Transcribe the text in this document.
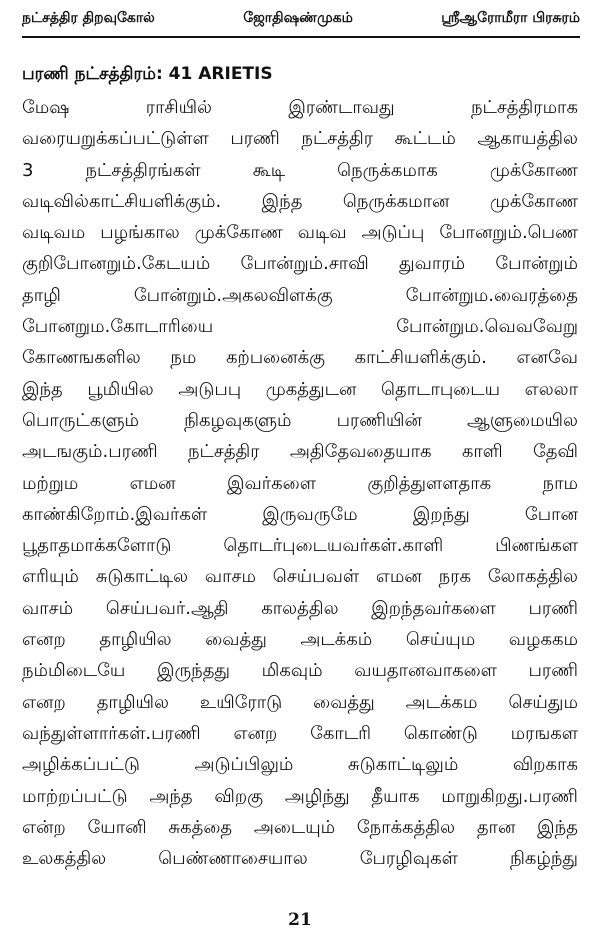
நட்சத்திர திறவுகோல்	ஜோதிஷண்முகம்	ஸ்ரீஆரோமீரா பிரசுரம்
பரணி நட்சத்திரம்: 41 ARIETIS
மேஷ	ராசியில்	இரண்டாவது	நட்சத்திரமாக
வரையறுக்கப்பட்டுள்ள பரணி நட்சத்திர கூட்டம் ஆகாயத்தில
3	நட்சத்திரங்கள்	கூடி	நெருக்கமாக	முக்கோண
வடிவில்காட்சியளிக்கும். இந்த நெருக்கமான முக்கோண
வடிவம பழங்கால முக்கோண வடிவ அடுப்பு போனறும்.பெண
குறிபோனறும்.கேடயம் போன்றும்.சாவி துவாரம் போன்றும்
தாழி	போன்றும்.அகலவிளக்கு	போன்றும.வைரத்தை
போனறும.கோடாரியை	போன்றும.வெவவேறு
கோணஙகளில நம கற்பனைக்கு காட்சியளிக்கும். எனவே
இந்த பூமியில அடுபபு முகத்துடன தொடாபுடைய எலலா
பொருட்களும்	நிகழவுகளும்	பரணியின்	ஆளுமையில
அடஙகும்.பரணி நட்சத்திர அதிதேவதையாக காளி தேவி
மற்றும	எமன	இவர்களை	குறித்துளளதாக	நாம
காண்கிறோம்.இவர்கள்	இருவருமே	இறந்து	போன
பூதாதமாக்களோடு	தொடர்புடையவர்கள்.காளி	பிணங்கள
எரியும் சுடுகாட்டில வாசம செய்பவள் எமன நரக லோகத்தில
வாசம் செய்பவர்.ஆதி காலத்தில இறந்தவர்களை பரணி
எனற தாழியில வைத்து அடக்கம் செய்யும வழககம
நம்மிடையே இருந்தது மிகவும் வயதானவாகளை பரணி
எனற தாழியில உயிரோடு வைத்து அடக்கம செய்தும
வந்துள்ளார்கள்.பரணி எனற கோடரி கொண்டு மரஙகள
அழிக்கப்பட்டு	அடுப்பிலும்	சுடுகாட்டிலும்	விறகாக
மாற்றப்பட்டு அந்த விறகு அழிந்து தீயாக மாறுகிறது.பரணி
என்ற யோனி சுகத்தை அடையும் நோக்கத்தில தான இந்த
உலகத்தில	பெண்ணாசையால	பேரழிவுகள்	நிகழ்ந்து
21
